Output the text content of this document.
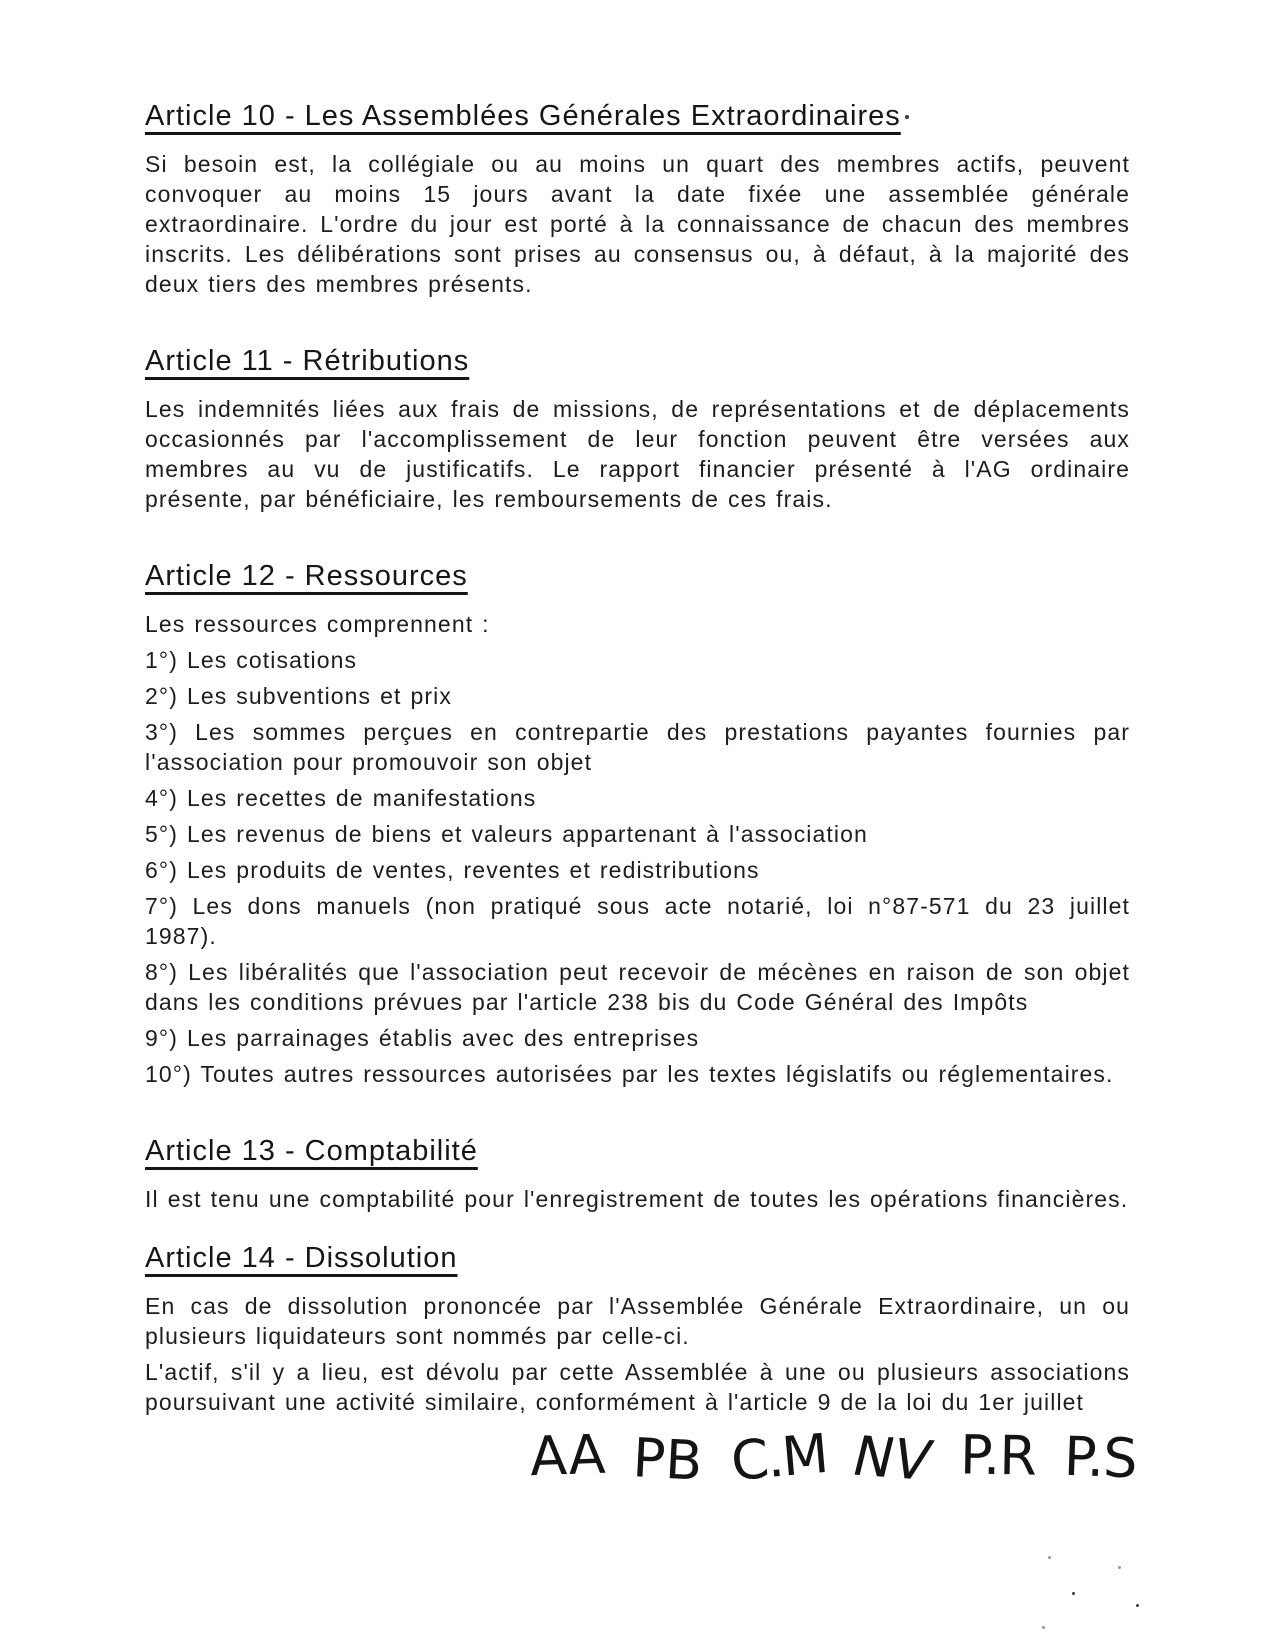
Article 10 - Les Assemblées Générales Extraordinaires

Si besoin est, la collégiale ou au moins un quart des membres actifs, peuvent convoquer au moins 15 jours avant la date fixée une assemblée générale extraordinaire. L'ordre du jour est porté à la connaissance de chacun des membres inscrits. Les délibérations sont prises au consensus ou, à défaut, à la majorité des deux tiers des membres présents.

Article 11 - Rétributions

Les indemnités liées aux frais de missions, de représentations et de déplacements occasionnés par l'accomplissement de leur fonction peuvent être versées aux membres au vu de justificatifs. Le rapport financier présenté à l'AG ordinaire présente, par bénéficiaire, les remboursements de ces frais.

Article 12 - Ressources

Les ressources comprennent :

1°) Les cotisations

2°) Les subventions et prix

3°) Les sommes perçues en contrepartie des prestations payantes fournies par l'association pour promouvoir son objet

4°) Les recettes de manifestations

5°) Les revenus de biens et valeurs appartenant à l'association

6°) Les produits de ventes, reventes et redistributions

7°) Les dons manuels (non pratiqué sous acte notarié, loi n°87-571 du 23 juillet 1987).

8°) Les libéralités que l'association peut recevoir de mécènes en raison de son objet dans les conditions prévues par l'article 238 bis du Code Général des Impôts

9°) Les parrainages établis avec des entreprises

10°) Toutes autres ressources autorisées par les textes législatifs ou réglementaires.

Article 13 - Comptabilité

Il est tenu une comptabilité pour l'enregistrement de toutes les opérations financières.

Article 14 - Dissolution

En cas de dissolution prononcée par l'Assemblée Générale Extraordinaire, un ou plusieurs liquidateurs sont nommés par celle-ci.

L'actif, s'il y a lieu, est dévolu par cette Assemblée à une ou plusieurs associations poursuivant une activité similaire, conformément à l'article 9 de la loi du 1er juillet

AA PB C.M NV P.R P.S
